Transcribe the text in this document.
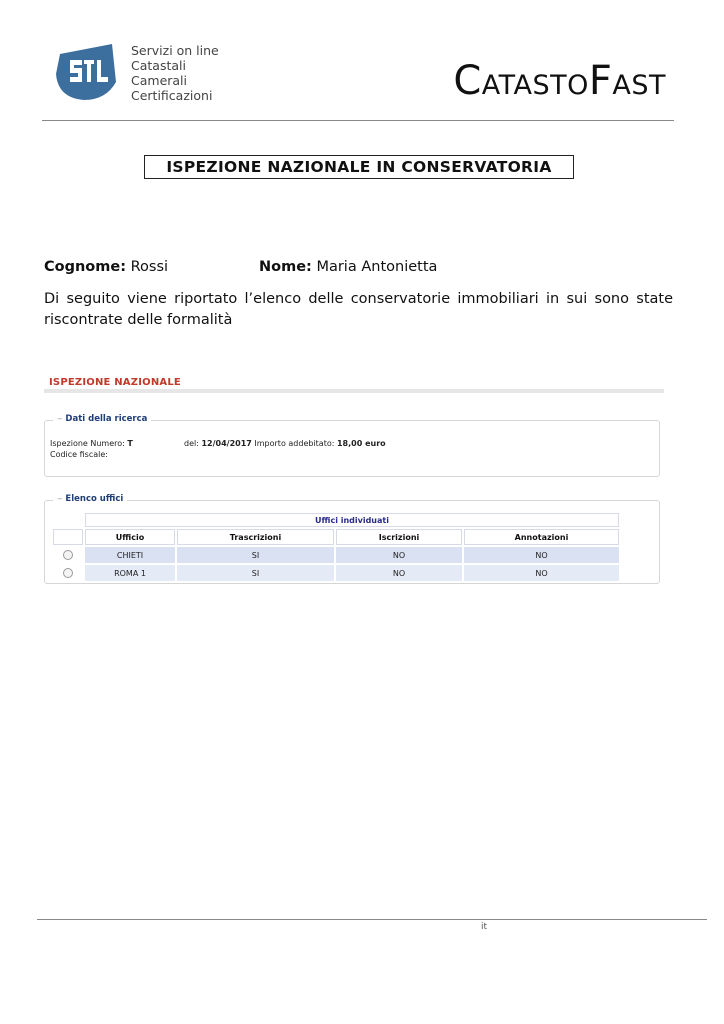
Servizi on line
Catastali
Camerali
Certificazioni	CATASTOFAST
ISPEZIONE NAZIONALE IN CONSERVATORIA
Cognome: Rossi	Nome: Maria Antonietta
Di seguito viene riportato l’elenco delle conservatorie immobiliari in sui sono state riscontrate delle formalità
ISPEZIONE NAZIONALE
‒ Dati della ricerca
Ispezione Numero: T	del: 12/04/2017 Importo addebitato: 18,00 euro
Codice fiscale:
‒ Elenco uffici
	Uffici individuati			
	Ufficio	Trascrizioni	Iscrizioni	Annotazioni
	CHIETI	SI	NO	NO
	ROMA 1	SI	NO	NO
it
